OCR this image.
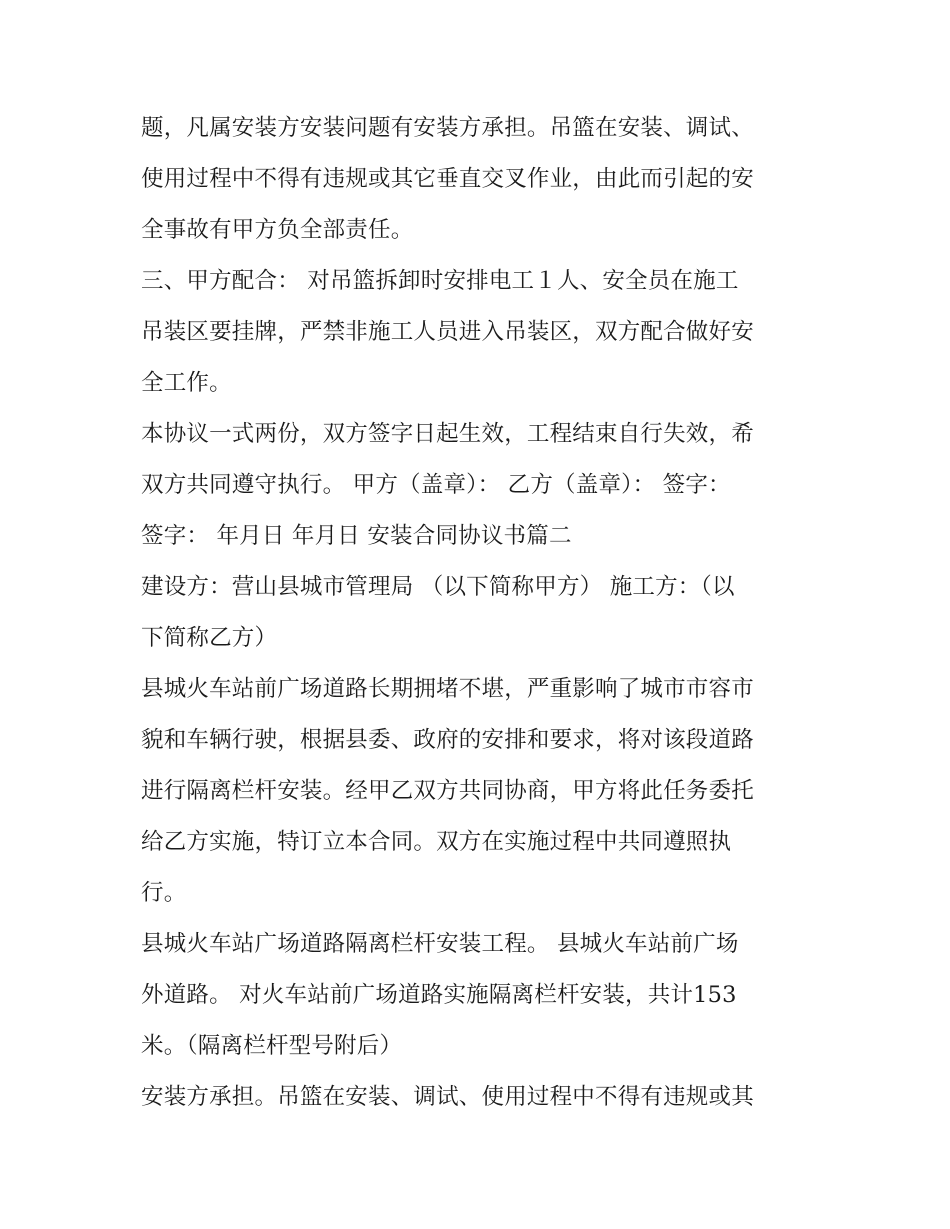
题，凡属安装方安装问题有安装方承担。吊篮在安装、调试、
使用过程中不得有违规或其它垂直交叉作业，由此而引起的安
全事故有甲方负全部责任。
三、甲方配合： 对吊篮拆卸时安排电工１人、安全员在施工
吊装区要挂牌，严禁非施工人员进入吊装区，双方配合做好安
全工作。
本协议一式两份，双方签字日起生效，工程结束自行失效，希
双方共同遵守执行。 甲方（盖章）： 乙方（盖章）： 签字：
签字： 年月日 年月日 安装合同协议书篇二
建设方：营山县城市管理局 （以下简称甲方） 施工方：（以
下简称乙方）
县城火车站前广场道路长期拥堵不堪，严重影响了城市市容市
貌和车辆行驶，根据县委、政府的安排和要求，将对该段道路
进行隔离栏杆安装。经甲乙双方共同协商，甲方将此任务委托
给乙方实施，特订立本合同。双方在实施过程中共同遵照执
行。
县城火车站广场道路隔离栏杆安装工程。 县城火车站前广场
外道路。 对火车站前广场道路实施隔离栏杆安装，共计153
米。（隔离栏杆型号附后）
安装方承担。吊篮在安装、调试、使用过程中不得有违规或其
